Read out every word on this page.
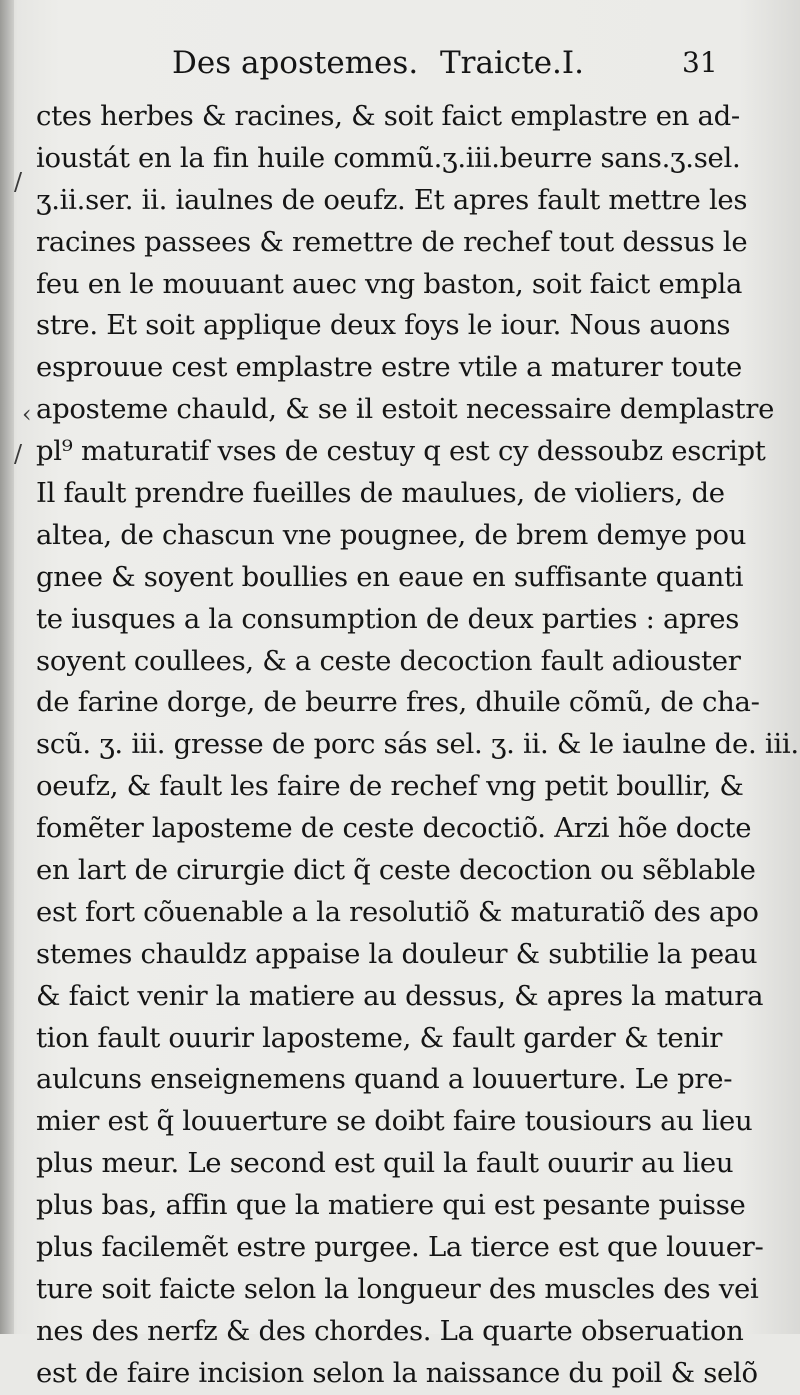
Des apostemes. Traicte.I.	31
/
‹
/
ctes herbes & racines, & soit faict emplastre en ad-
ioustát en la fin huile commũ.ʒ.iii.beurre sans.ʒ.sel.
ʒ.ii.ser. ii. iaulnes de oeufz. Et apres fault mettre les
racines passees & remettre de rechef tout dessus le
feu en le mouuant auec vng baston, soit faict empla
stre. Et soit applique deux foys le iour. Nous auons
esprouue cest emplastre estre vtile a maturer toute
aposteme chauld, & se il estoit necessaire demplastre
pl⁹ maturatif vses de cestuy q est cy dessoubz escript
Il fault prendre fueilles de maulues, de violiers, de
altea, de chascun vne pougnee, de brem demye pou
gnee & soyent boullies en eaue en suffisante quanti
te iusques a la consumption de deux parties : apres
soyent coullees, & a ceste decoction fault adiouster
de farine dorge, de beurre fres, dhuile cõmũ, de cha-
scũ. ʒ. iii. gresse de porc sás sel. ʒ. ii. & le iaulne de. iii.
oeufz, & fault les faire de rechef vng petit boullir, &
fomẽter laposteme de ceste decoctiõ. Arzi hõe docte
en lart de cirurgie dict q̃ ceste decoction ou sẽblable
est fort cõuenable a la resolutiõ & maturatiõ des apo
stemes chauldz appaise la douleur & subtilie la peau
& faict venir la matiere au dessus, & apres la matura
tion fault ouurir laposteme, & fault garder & tenir
aulcuns enseignemens quand a louuerture. Le pre-
mier est q̃ louuerture se doibt faire tousiours au lieu
plus meur. Le second est quil la fault ouurir au lieu
plus bas, affin que la matiere qui est pesante puisse
plus facilemẽt estre purgee. La tierce est que louuer-
ture soit faicte selon la longueur des muscles des vei
nes des nerfz & des chordes. La quarte obseruation
est de faire incision selon la naissance du poil & selõ
